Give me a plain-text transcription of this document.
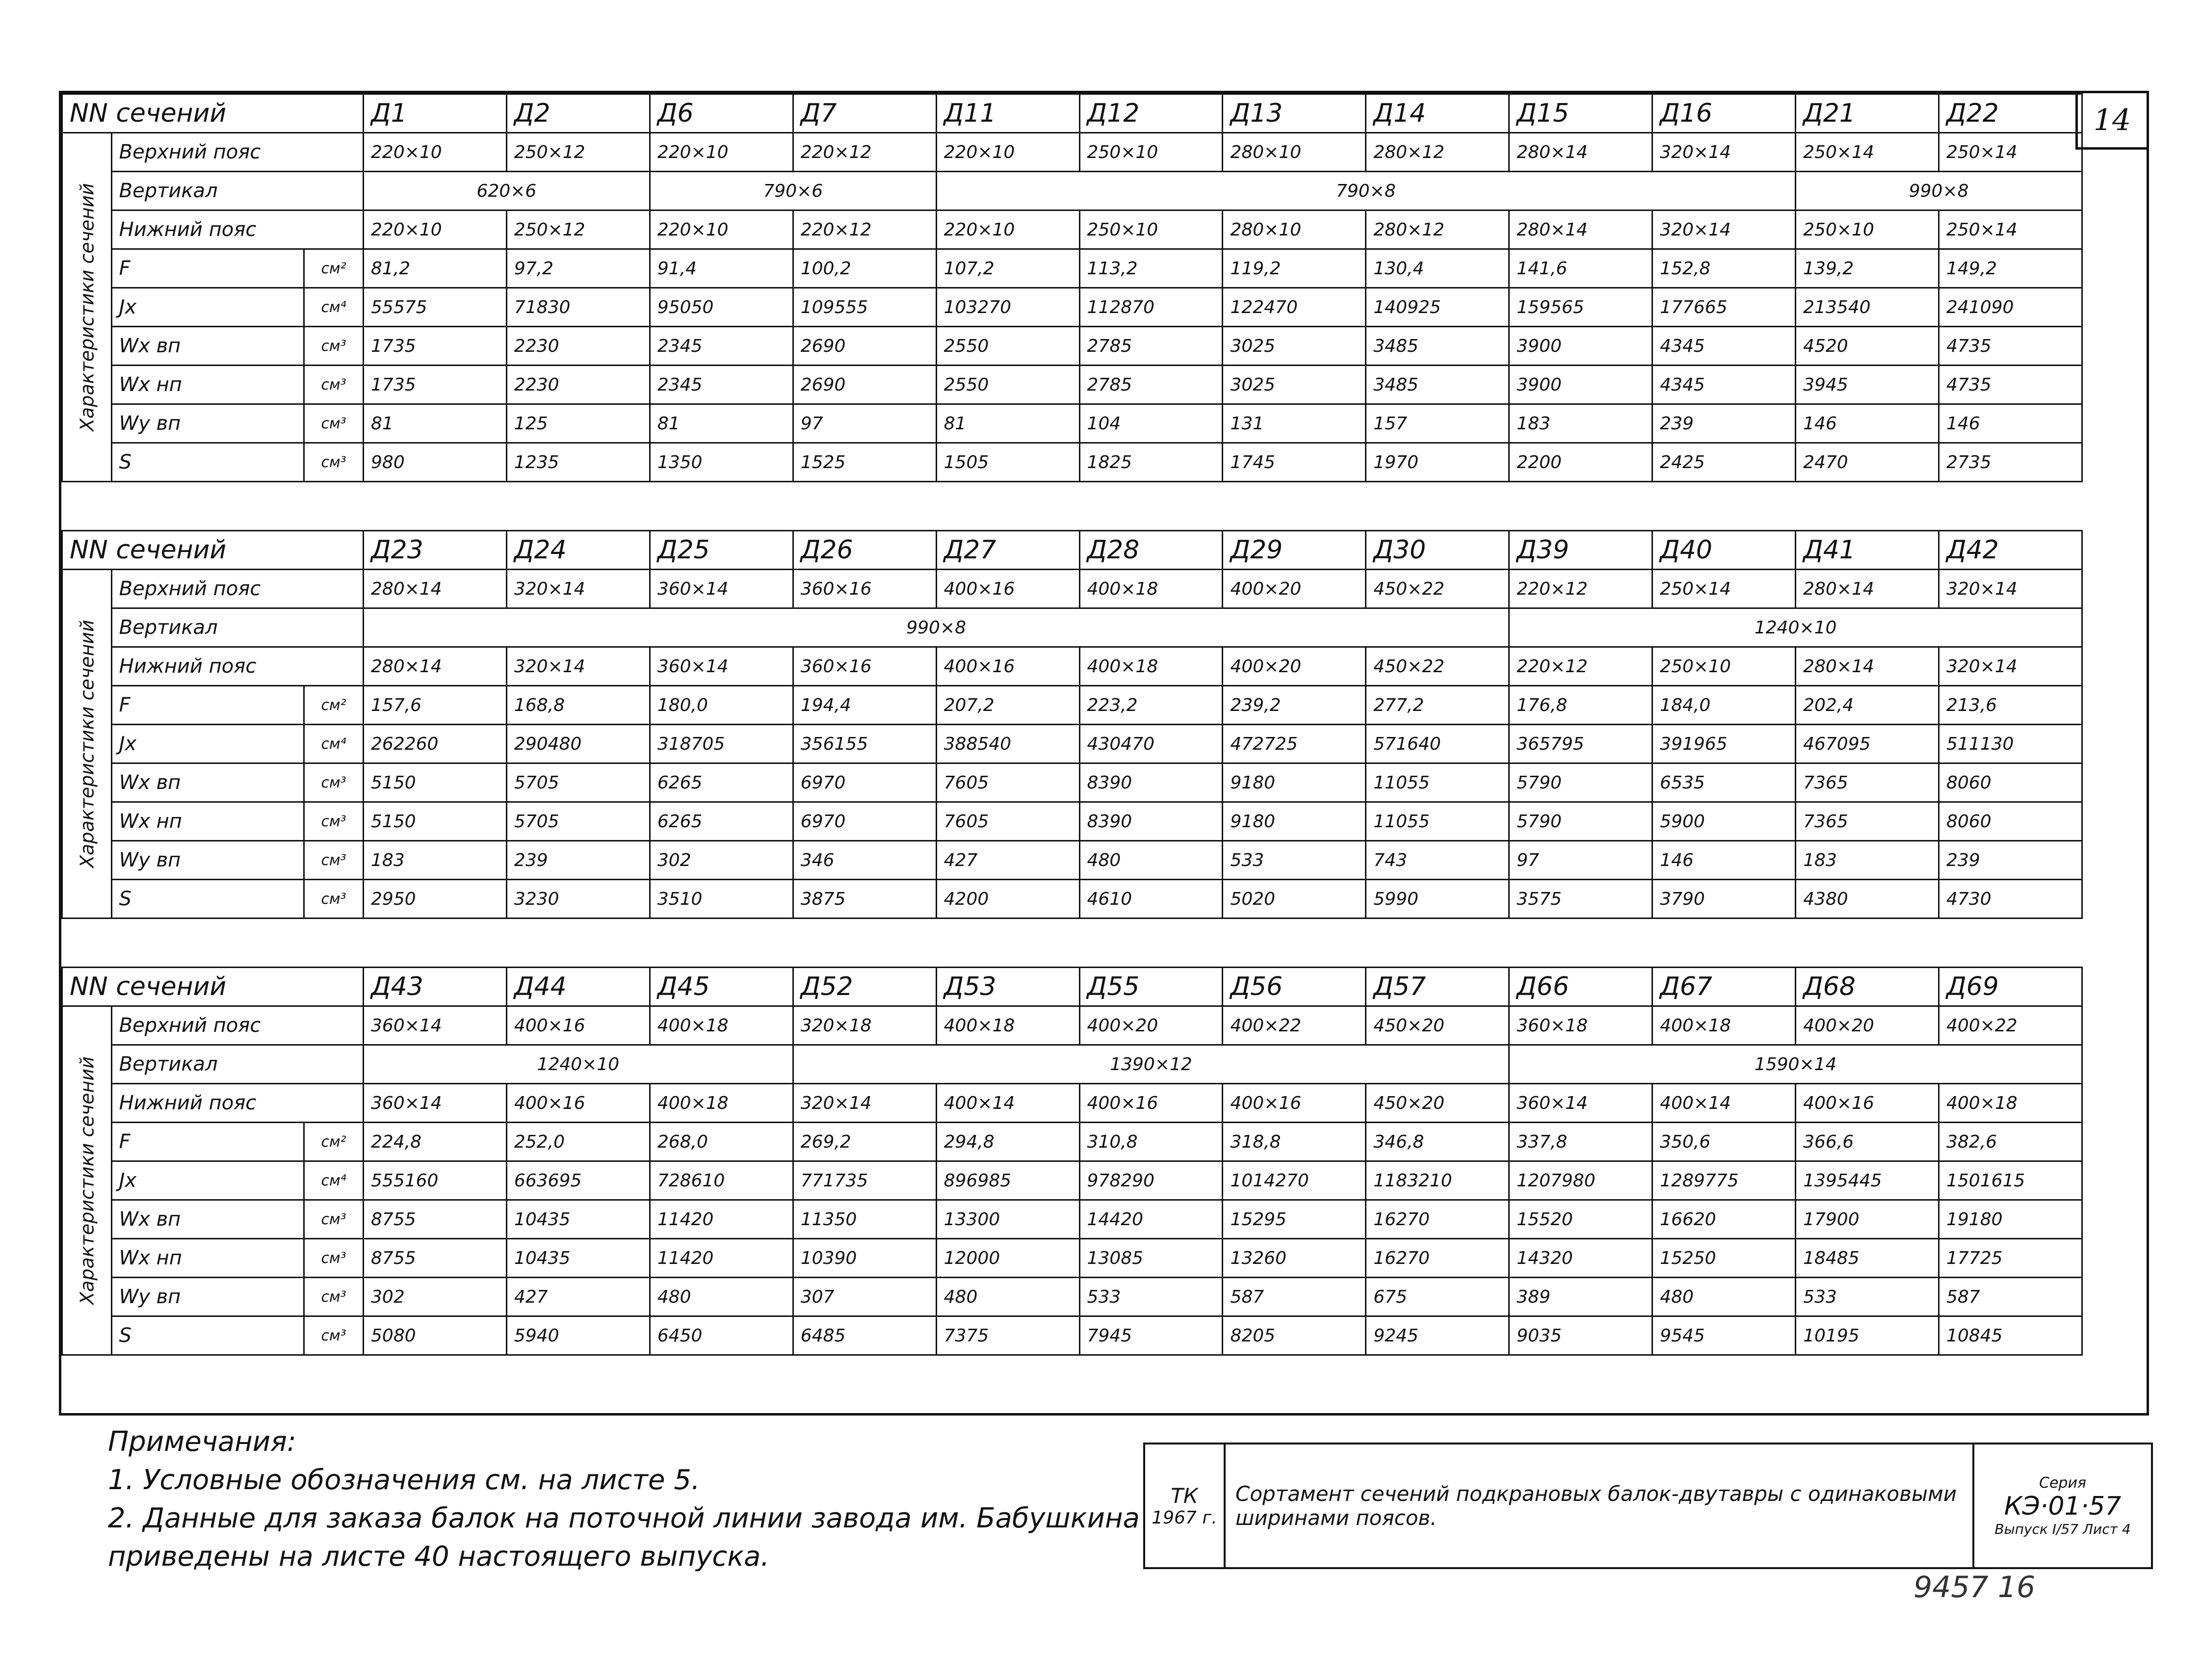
14
NN сечений			Д1	Д2	Д6	Д7	Д11	Д12	Д13	Д14	Д15	Д16	Д21	Д22
Характеристики сечений	Верхний пояс		220×10	250×12	220×10	220×12	220×10	250×10	280×10	280×12	280×14	320×14	250×14	250×14
	Вертикал		620×6		790×6		790×8						990×8	
	Нижний пояс		220×10	250×12	220×10	220×12	220×10	250×10	280×10	280×12	280×14	320×14	250×10	250×14
	F	см²	81,2	97,2	91,4	100,2	107,2	113,2	119,2	130,4	141,6	152,8	139,2	149,2
	Jx	см⁴	55575	71830	95050	109555	103270	112870	122470	140925	159565	177665	213540	241090
	Wx вп	см³	1735	2230	2345	2690	2550	2785	3025	3485	3900	4345	4520	4735
	Wx нп	см³	1735	2230	2345	2690	2550	2785	3025	3485	3900	4345	3945	4735
	Wy вп	см³	81	125	81	97	81	104	131	157	183	239	146	146
	S	см³	980	1235	1350	1525	1505	1825	1745	1970	2200	2425	2470	2735
NN сечений			Д23	Д24	Д25	Д26	Д27	Д28	Д29	Д30	Д39	Д40	Д41	Д42
Характеристики сечений	Верхний пояс		280×14	320×14	360×14	360×16	400×16	400×18	400×20	450×22	220×12	250×14	280×14	320×14
	Вертикал		990×8								1240×10			
	Нижний пояс		280×14	320×14	360×14	360×16	400×16	400×18	400×20	450×22	220×12	250×10	280×14	320×14
	F	см²	157,6	168,8	180,0	194,4	207,2	223,2	239,2	277,2	176,8	184,0	202,4	213,6
	Jx	см⁴	262260	290480	318705	356155	388540	430470	472725	571640	365795	391965	467095	511130
	Wx вп	см³	5150	5705	6265	6970	7605	8390	9180	11055	5790	6535	7365	8060
	Wx нп	см³	5150	5705	6265	6970	7605	8390	9180	11055	5790	5900	7365	8060
	Wy вп	см³	183	239	302	346	427	480	533	743	97	146	183	239
	S	см³	2950	3230	3510	3875	4200	4610	5020	5990	3575	3790	4380	4730
NN сечений			Д43	Д44	Д45	Д52	Д53	Д55	Д56	Д57	Д66	Д67	Д68	Д69
Характеристики сечений	Верхний пояс		360×14	400×16	400×18	320×18	400×18	400×20	400×22	450×20	360×18	400×18	400×20	400×22
	Вертикал		1240×10			1390×12					1590×14			
	Нижний пояс		360×14	400×16	400×18	320×14	400×14	400×16	400×16	450×20	360×14	400×14	400×16	400×18
	F	см²	224,8	252,0	268,0	269,2	294,8	310,8	318,8	346,8	337,8	350,6	366,6	382,6
	Jx	см⁴	555160	663695	728610	771735	896985	978290	1014270	1183210	1207980	1289775	1395445	1501615
	Wx вп	см³	8755	10435	11420	11350	13300	14420	15295	16270	15520	16620	17900	19180
	Wx нп	см³	8755	10435	11420	10390	12000	13085	13260	16270	14320	15250	18485	17725
	Wy вп	см³	302	427	480	307	480	533	587	675	389	480	533	587
	S	см³	5080	5940	6450	6485	7375	7945	8205	9245	9035	9545	10195	10845
Примечания:
1. Условные обозначения см. на листе 5.
2. Данные для заказа балок на поточной линии завода им. Бабушкина приведены на листе 40 настоящего выпуска.
ТК
1967 г.
Сортамент сечений подкрановых балок-двутавры с одинаковыми ширинами поясов.
Серия
КЭ·01·57
Выпуск I/57 Лист 4
9457 16
